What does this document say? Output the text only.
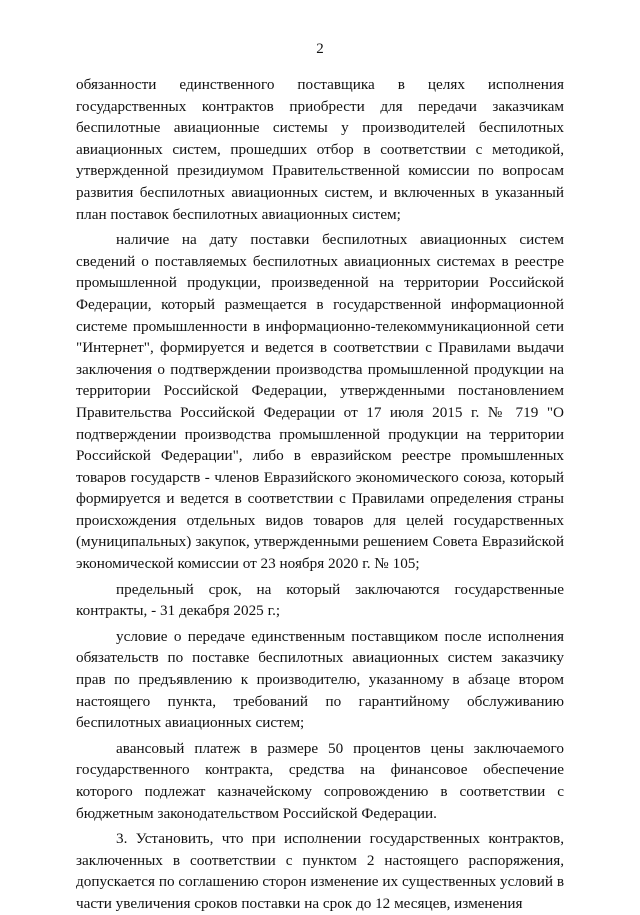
2

обязанности единственного поставщика в целях исполнения государственных контрактов приобрести для передачи заказчикам беспилотные авиационные системы у производителей беспилотных авиационных систем, прошедших отбор в соответствии с методикой, утвержденной президиумом Правительственной комиссии по вопросам развития беспилотных авиационных систем, и включенных в указанный план поставок беспилотных авиационных систем;

наличие на дату поставки беспилотных авиационных систем сведений о поставляемых беспилотных авиационных системах в реестре промышленной продукции, произведенной на территории Российской Федерации, который размещается в государственной информационной системе промышленности в информационно-телекоммуникационной сети "Интернет", формируется и ведется в соответствии с Правилами выдачи заключения о подтверждении производства промышленной продукции на территории Российской Федерации, утвержденными постановлением Правительства Российской Федерации от 17 июля 2015 г. № 719 "О подтверждении производства промышленной продукции на территории Российской Федерации", либо в евразийском реестре промышленных товаров государств - членов Евразийского экономического союза, который формируется и ведется в соответствии с Правилами определения страны происхождения отдельных видов товаров для целей государственных (муниципальных) закупок, утвержденными решением Совета Евразийской экономической комиссии от 23 ноября 2020 г. № 105;

предельный срок, на который заключаются государственные контракты, - 31 декабря 2025 г.;

условие о передаче единственным поставщиком после исполнения обязательств по поставке беспилотных авиационных систем заказчику прав по предъявлению к производителю, указанному в абзаце втором настоящего пункта, требований по гарантийному обслуживанию беспилотных авиационных систем;

авансовый платеж в размере 50 процентов цены заключаемого государственного контракта, средства на финансовое обеспечение которого подлежат казначейскому сопровождению в соответствии с бюджетным законодательством Российской Федерации.

3. Установить, что при исполнении государственных контрактов, заключенных в соответствии с пунктом 2 настоящего распоряжения, допускается по соглашению сторон изменение их существенных условий в части увеличения сроков поставки на срок до 12 месяцев, изменения
